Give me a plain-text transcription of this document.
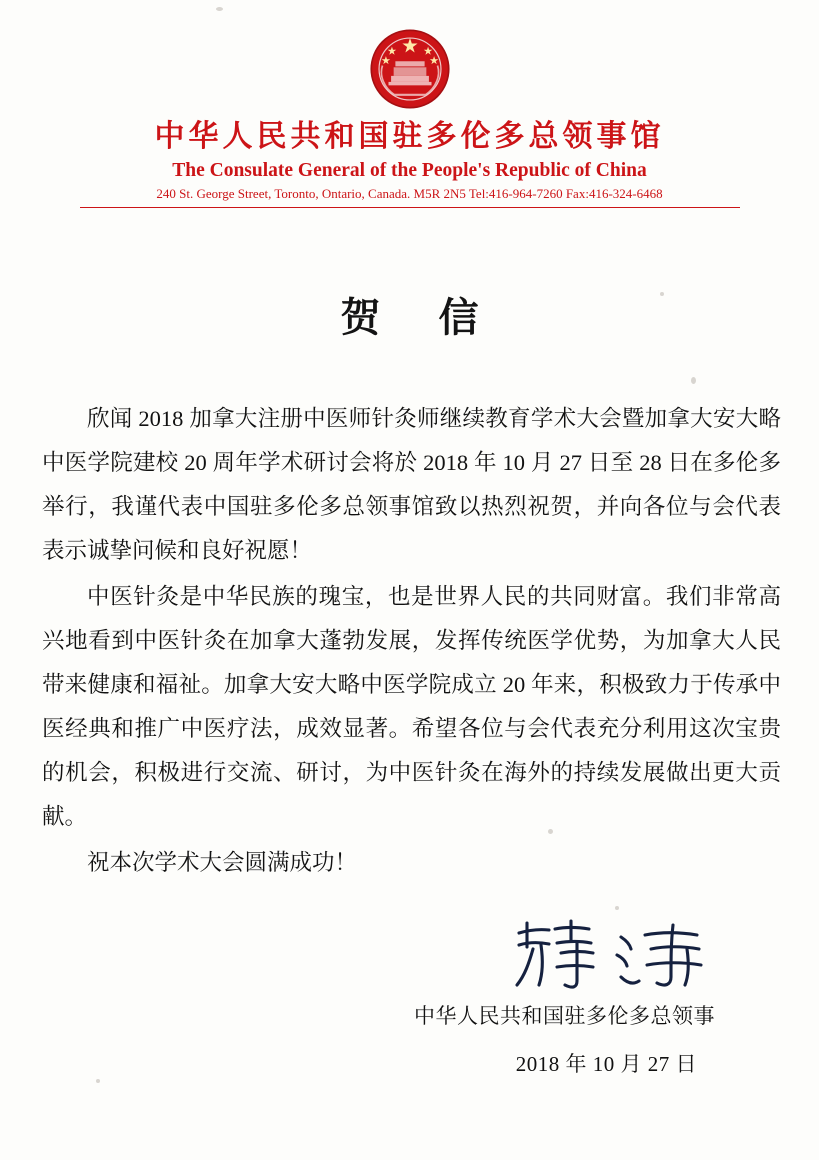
中华人民共和国驻多伦多总领事馆
The Consulate General of the People's Republic of China
240 St. George Street, Toronto, Ontario, Canada. M5R 2N5 Tel:416-964-7260 Fax:416-324-6468
贺 信

欣闻 2018 加拿大注册中医师针灸师继续教育学术大会暨加拿大安大略中医学院建校 20 周年学术研讨会将於 2018 年 10 月 27 日至 28 日在多伦多举行，我谨代表中国驻多伦多总领事馆致以热烈祝贺，并向各位与会代表表示诚挚问候和良好祝愿！

中医针灸是中华民族的瑰宝，也是世界人民的共同财富。我们非常高兴地看到中医针灸在加拿大蓬勃发展，发挥传统医学优势，为加拿大人民带来健康和福祉。加拿大安大略中医学院成立 20 年来，积极致力于传承中医经典和推广中医疗法，成效显著。希望各位与会代表充分利用这次宝贵的机会，积极进行交流、研讨，为中医针灸在海外的持续发展做出更大贡献。

祝本次学术大会圆满成功！

中华人民共和国驻多伦多总领事
2018 年 10 月 27 日
